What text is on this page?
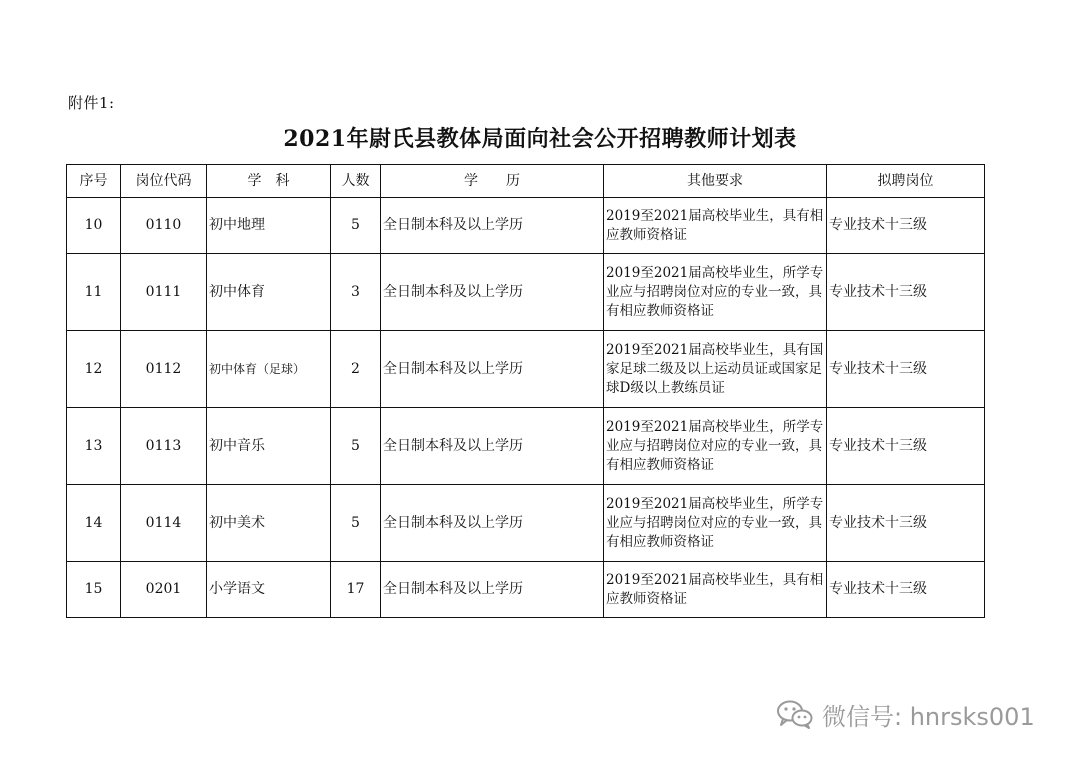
附件1:
2021年尉氏县教体局面向社会公开招聘教师计划表
序号	岗位代码	学　科	人数	学　　历	其他要求	拟聘岗位
10	0110	初中地理	5	全日制本科及以上学历	2019至2021届高校毕业生，具有相应教师资格证	专业技术十三级
11	0111	初中体育	3	全日制本科及以上学历	2019至2021届高校毕业生，所学专业应与招聘岗位对应的专业一致，具有相应教师资格证	专业技术十三级
12	0112	初中体育（足球）	2	全日制本科及以上学历	2019至2021届高校毕业生，具有国家足球二级及以上运动员证或国家足球D级以上教练员证	专业技术十三级
13	0113	初中音乐	5	全日制本科及以上学历	2019至2021届高校毕业生，所学专业应与招聘岗位对应的专业一致，具有相应教师资格证	专业技术十三级
14	0114	初中美术	5	全日制本科及以上学历	2019至2021届高校毕业生，所学专业应与招聘岗位对应的专业一致，具有相应教师资格证	专业技术十三级
15	0201	小学语文	17	全日制本科及以上学历	2019至2021届高校毕业生，具有相应教师资格证	专业技术十三级
微信号: hnrsks001
